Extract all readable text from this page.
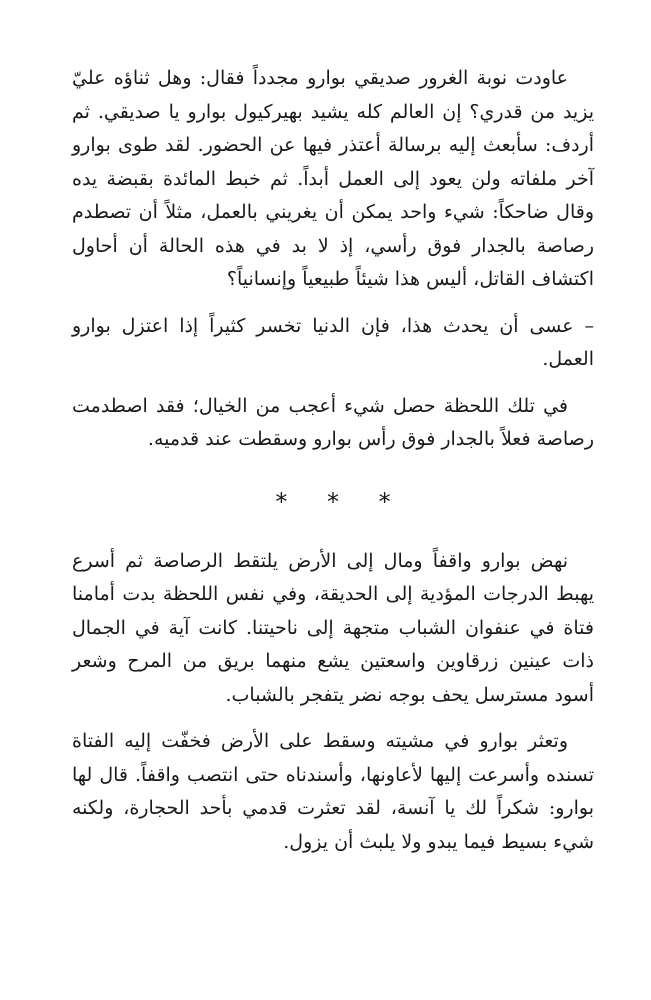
عاودت نوبة الغرور صديقي بوارو مجدداً فقال: وهل ثناؤه عليّ يزيد من قدري؟ إن العالم كله يشيد بهيركيول بوارو يا صديقي. ثم أردف: سأبعث إليه برسالة أعتذر فيها عن الحضور. لقد طوى بوارو آخر ملفاته ولن يعود إلى العمل أبداً. ثم خبط المائدة بقبضة يده وقال ضاحكاً: شيء واحد يمكن أن يغريني بالعمل، مثلاً أن تصطدم رصاصة بالجدار فوق رأسي، إذ لا بد في هذه الحالة أن أحاول اكتشاف القاتل، أليس هذا شيئاً طبيعياً وإنسانياً؟

– عسى أن يحدث هذا، فإن الدنيا تخسر كثيراً إذا اعتزل بوارو العمل.

في تلك اللحظة حصل شيء أعجب من الخيال؛ فقد اصطدمت رصاصة فعلاً بالجدار فوق رأس بوارو وسقطت عند قدميه.

* * *

نهض بوارو واقفاً ومال إلى الأرض يلتقط الرصاصة ثم أسرع يهبط الدرجات المؤدية إلى الحديقة، وفي نفس اللحظة بدت أمامنا فتاة في عنفوان الشباب متجهة إلى ناحيتنا. كانت آية في الجمال ذات عينين زرقاوين واسعتين يشع منهما بريق من المرح وشعر أسود مسترسل يحف بوجه نضر يتفجر بالشباب.

وتعثر بوارو في مشيته وسقط على الأرض فخفّت إليه الفتاة تسنده وأسرعت إليها لأعاونها، وأسندناه حتى انتصب واقفاً. قال لها بوارو: شكراً لك يا آنسة، لقد تعثرت قدمي بأحد الحجارة، ولكنه شيء بسيط فيما يبدو ولا يلبث أن يزول.
